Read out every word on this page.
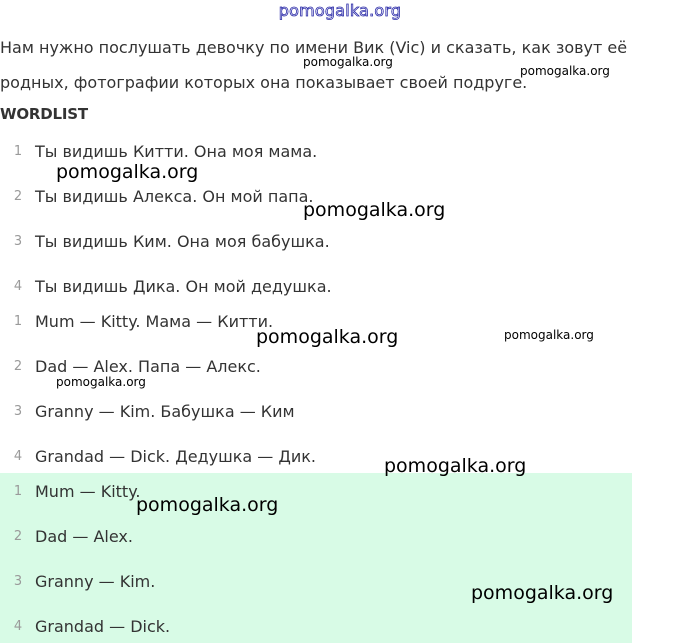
pomogalka.org
Нам нужно послушать девочку по имени Вик (Vic) и сказать, как зовут её родных, фотографии которых она показывает своей подруге.
WORDLIST
1 Ты видишь Китти. Она моя мама.
2 Ты видишь Алекса. Он мой папа.
3 Ты видишь Ким. Она моя бабушка.
4 Ты видишь Дика. Он мой дедушка.
1 Mum — Kitty. Мама — Китти.
2 Dad — Alex. Папа — Алекс.
3 Granny — Kim. Бабушка — Ким
4 Grandad — Dick. Дедушка — Дик.
1 Mum — Kitty.
2 Dad — Alex.
3 Granny — Kim.
4 Grandad — Dick.
pomogalka.org
pomogalka.org
pomogalka.org
pomogalka.org
pomogalka.org	pomogalka.org
pomogalka.org
pomogalka.org
pomogalka.org
pomogalka.org
